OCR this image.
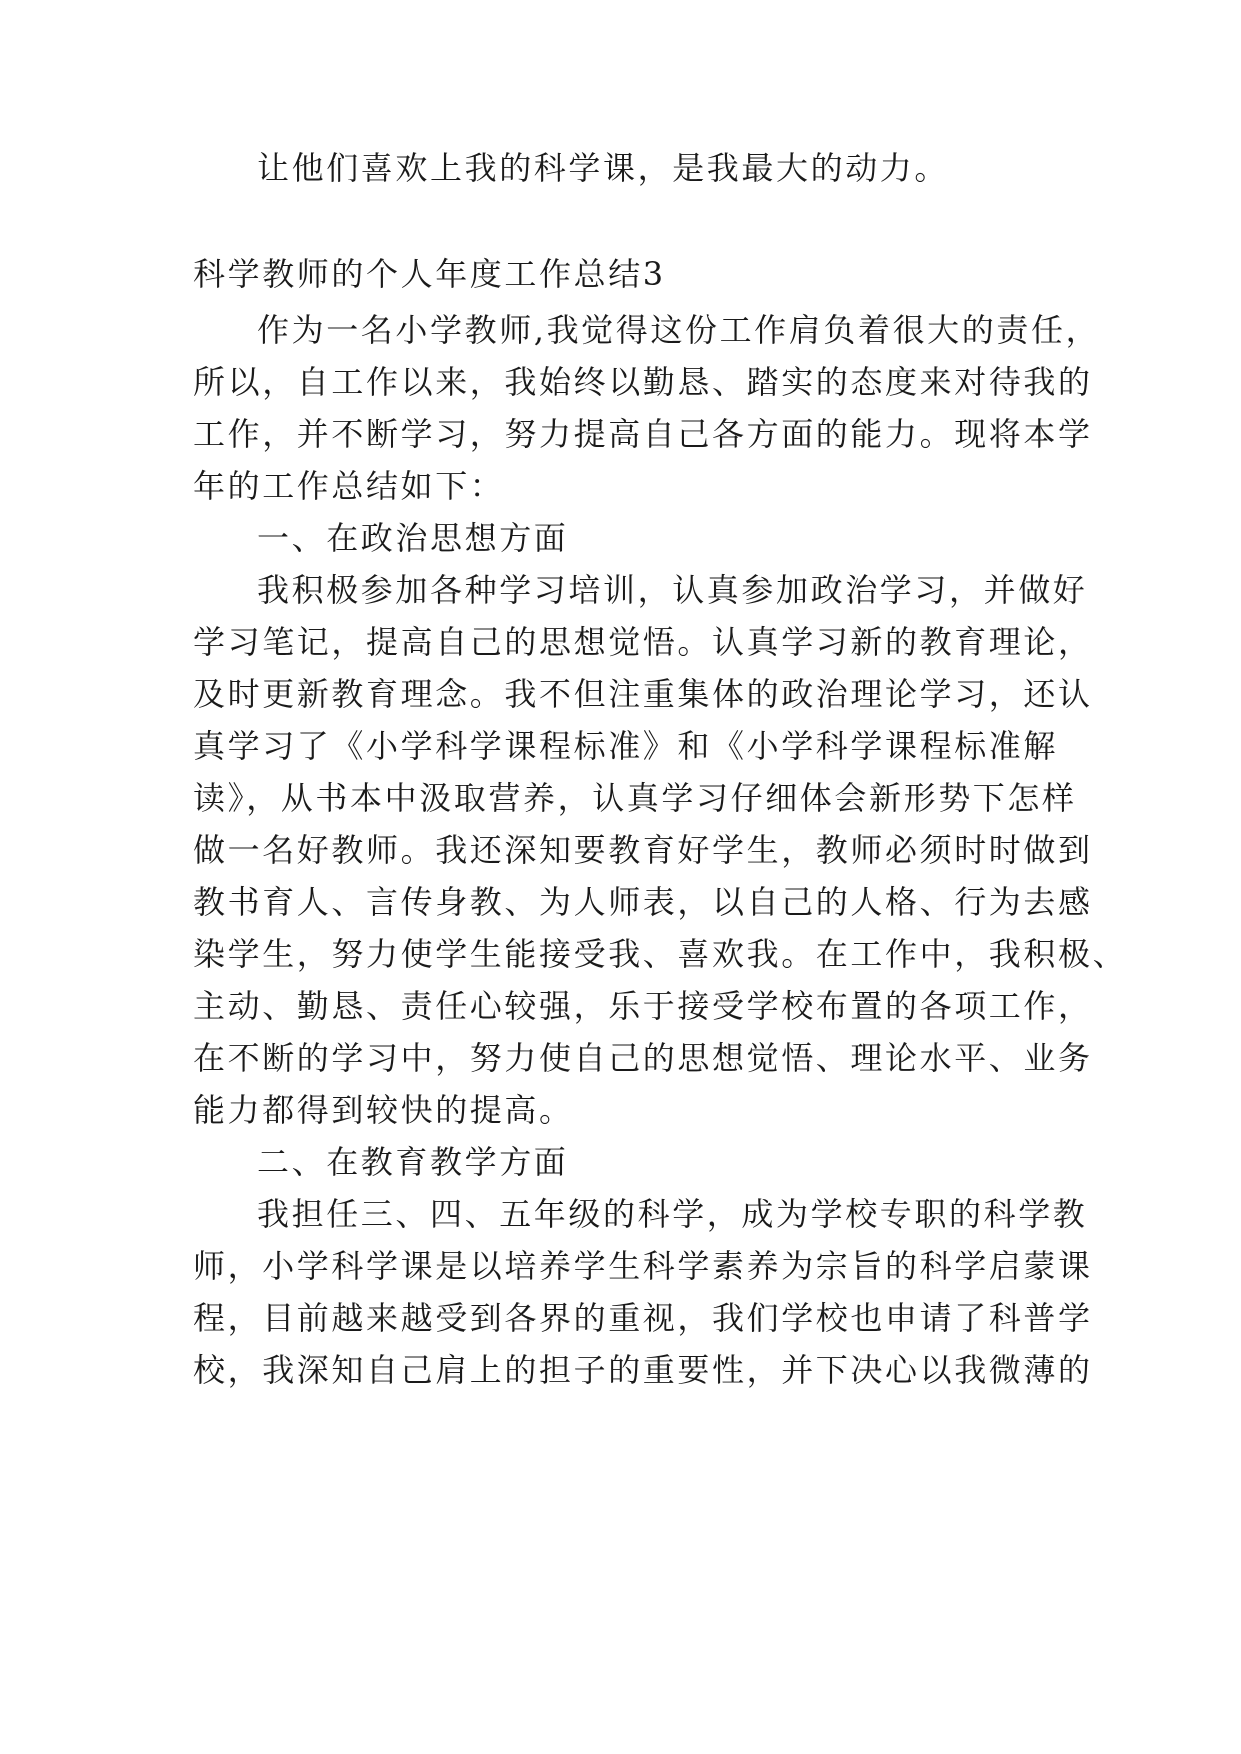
让他们喜欢上我的科学课，是我最大的动力。
科学教师的个人年度工作总结3
作为一名小学教师,我觉得这份工作肩负着很大的责任，
所以，自工作以来，我始终以勤恳、踏实的态度来对待我的
工作，并不断学习，努力提高自己各方面的能力。现将本学
年的工作总结如下：
一、在政治思想方面
我积极参加各种学习培训，认真参加政治学习，并做好
学习笔记，提高自己的思想觉悟。认真学习新的教育理论，
及时更新教育理念。我不但注重集体的政治理论学习，还认
真学习了《小学科学课程标准》和《小学科学课程标准解
读》，从书本中汲取营养，认真学习仔细体会新形势下怎样
做一名好教师。我还深知要教育好学生，教师必须时时做到
教书育人、言传身教、为人师表，以自己的人格、行为去感
染学生，努力使学生能接受我、喜欢我。在工作中，我积极、
主动、勤恳、责任心较强，乐于接受学校布置的各项工作，
在不断的学习中，努力使自己的思想觉悟、理论水平、业务
能力都得到较快的提高。
二、在教育教学方面
我担任三、四、五年级的科学，成为学校专职的科学教
师，小学科学课是以培养学生科学素养为宗旨的科学启蒙课
程，目前越来越受到各界的重视，我们学校也申请了科普学
校，我深知自己肩上的担子的重要性，并下决心以我微薄的
